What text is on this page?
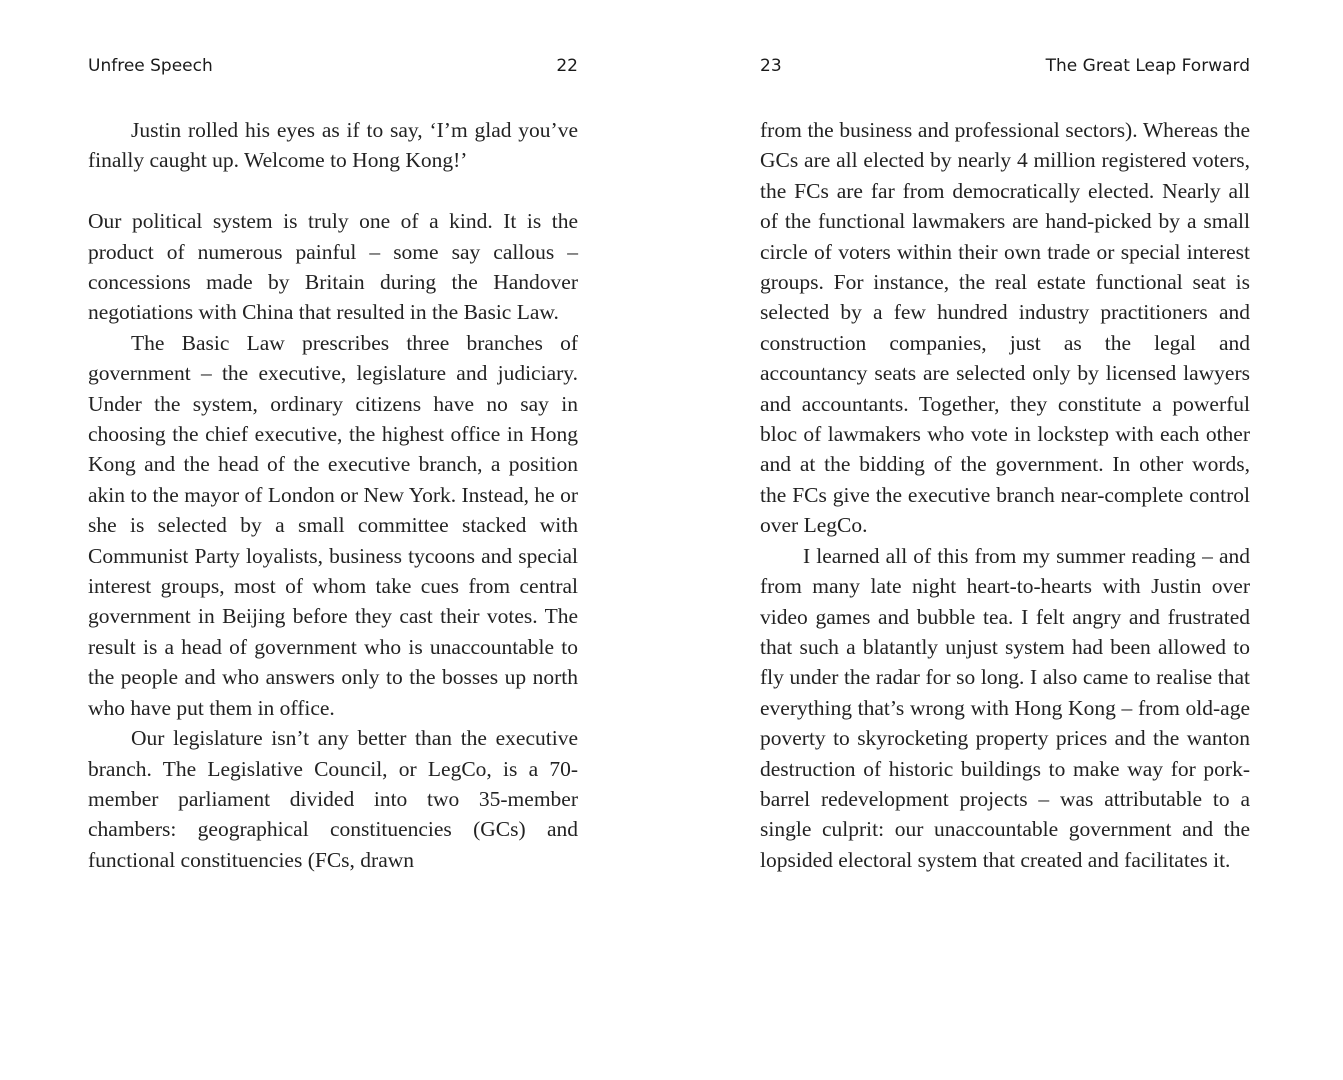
Unfree Speech	22

Justin rolled his eyes as if to say, ‘I’m glad you’ve finally caught up. Welcome to Hong Kong!’

Our political system is truly one of a kind. It is the product of numerous painful – some say callous – concessions made by Britain during the Handover negotiations with China that resulted in the Basic Law.

The Basic Law prescribes three branches of government – the executive, legislature and judiciary. Under the system, ordinary citizens have no say in choosing the chief executive, the highest office in Hong Kong and the head of the executive branch, a position akin to the mayor of London or New York. Instead, he or she is selected by a small committee stacked with Communist Party loyalists, business tycoons and special interest groups, most of whom take cues from central government in Beijing before they cast their votes. The result is a head of government who is unaccountable to the people and who answers only to the bosses up north who have put them in office.

Our legislature isn’t any better than the executive branch. The Legislative Council, or LegCo, is a 70-member parliament divided into two 35-member chambers: geographical constituencies (GCs) and functional constituencies (FCs, drawn

23	The Great Leap Forward

from the business and professional sectors). Whereas the GCs are all elected by nearly 4 million registered voters, the FCs are far from democratically elected. Nearly all of the functional lawmakers are hand-picked by a small circle of voters within their own trade or special interest groups. For instance, the real estate functional seat is selected by a few hundred industry practitioners and construction companies, just as the legal and accountancy seats are selected only by licensed lawyers and accountants. Together, they constitute a powerful bloc of lawmakers who vote in lockstep with each other and at the bidding of the government. In other words, the FCs give the executive branch near-complete control over LegCo.

I learned all of this from my summer reading – and from many late night heart-to-hearts with Justin over video games and bubble tea. I felt angry and frustrated that such a blatantly unjust system had been allowed to fly under the radar for so long. I also came to realise that everything that’s wrong with Hong Kong – from old-age poverty to skyrocketing property prices and the wanton destruction of historic buildings to make way for pork-barrel redevelopment projects – was attributable to a single culprit: our unaccountable government and the lopsided electoral system that created and facilitates it.
